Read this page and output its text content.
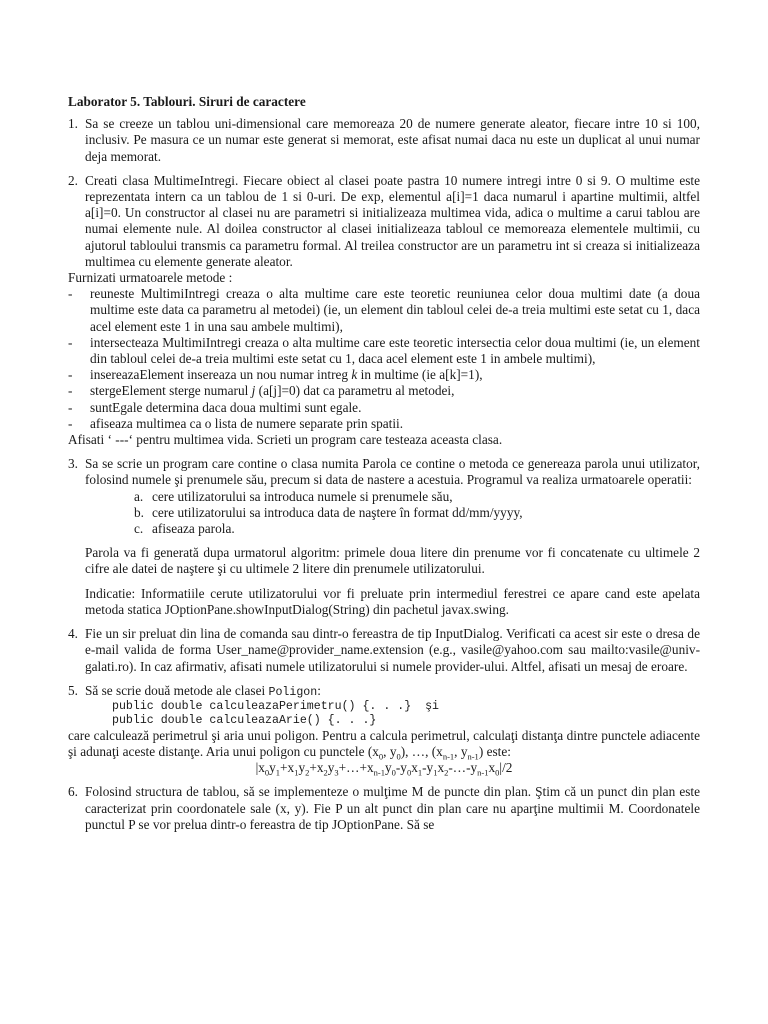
Laborator 5. Tablouri. Siruri de caractere

1. Sa se creeze un tablou uni-dimensional care memoreaza 20 de numere generate aleator, fiecare intre 10 si 100, inclusiv. Pe masura ce un numar este generat si memorat, este afisat numai daca nu este un duplicat al unui numar deja memorat.
2. Creati clasa MultimeIntregi. Fiecare obiect al clasei poate pastra 10 numere intregi intre 0 si 9. O multime este reprezentata intern ca un tablou de 1 si 0-uri. De exp, elementul a[i]=1 daca numarul i apartine multimii, altfel a[i]=0. Un constructor al clasei nu are parametri si initializeaza multimea vida, adica o multime a carui tablou are numai elemente nule. Al doilea constructor al clasei initializeaza tabloul ce memoreaza elementele multimii, cu ajutorul tabloului transmis ca parametru formal. Al treilea constructor are un parametru int si creaza si initializeaza multimea cu elemente generate aleator.

Furnizati urmatoarele metode :

- reuneste MultimiIntregi creaza o alta multime care este teoretic reuniunea celor doua multimi date (a doua multime este data ca parametru al metodei) (ie, un element din tabloul celei de-a treia multimi este setat cu 1, daca acel element este 1 in una sau ambele multimi),
- intersecteaza MultimiIntregi creaza o alta multime care este teoretic intersectia celor doua multimi (ie, un element din tabloul celei de-a treia multimi este setat cu 1, daca acel element este 1 in ambele multimi),
- insereazaElement insereaza un nou numar intreg k in multime (ie a[k]=1),
- stergeElement sterge numarul j (a[j]=0) dat ca parametru al metodei,
- suntEgale determina daca doua multimi sunt egale.
- afiseaza multimea ca o lista de numere separate prin spatii.

Afisati ‘ ---‘ pentru multimea vida. Scrieti un program care testeaza aceasta clasa.

3. Sa se scrie un program care contine o clasa numita Parola ce contine o metoda ce genereaza parola unui utilizator, folosind numele şi prenumele său, precum si data de nastere a acestuia. Programul va realiza urmatoarele operatii:
a. cere utilizatorului sa introduca numele si prenumele său,
b. cere utilizatorului sa introduca data de naştere în format dd/mm/yyyy,
c. afiseaza parola.

Parola va fi generată dupa urmatorul algoritm: primele doua litere din prenume vor fi concatenate cu ultimele 2 cifre ale datei de naştere şi cu ultimele 2 litere din prenumele utilizatorului.

Indicatie: Informatiile cerute utilizatorului vor fi preluate prin intermediul ferestrei ce apare cand este apelata metoda statica JOptionPane.showInputDialog(String) din pachetul javax.swing.

4. Fie un sir preluat din lina de comanda sau dintr-o fereastra de tip InputDialog. Verificati ca acest sir este o dresa de e-mail valida de forma User_name@provider_name.extension (e.g., vasile@yahoo.com sau mailto:vasile@univ-galati.ro). In caz afirmativ, afisati numele utilizatorului si numele provider-ului. Altfel, afisati un mesaj de eroare.
5. Să se scrie două metode ale clasei Poligon:

public double calculeazaPerimetru() {. . .}  şi

public double calculeazaArie() {. . .}

care calculează perimetrul şi aria unui poligon. Pentru a calcula perimetrul, calculaţi distanţa dintre punctele adiacente şi adunaţi aceste distanţe. Aria unui poligon cu punctele ($x_0$, $y_0$), …, ($x_{n-1}$, $y_{n-1}$) este:

$|x_0y_1+x_1y_2+x_2y_3+\dots+x_{n-1}y_0-y_0x_1-y_1x_2-\dots-y_{n-1}x_0|/2$

6. Folosind structura de tablou, să se implementeze o mulţime M de puncte din plan. Ştim că un punct din plan este caracterizat prin coordonatele sale (x, y). Fie P un alt punct din plan care nu aparţine multimii M. Coordonatele punctul P se vor prelua dintr-o fereastra de tip JOptionPane. Să se
